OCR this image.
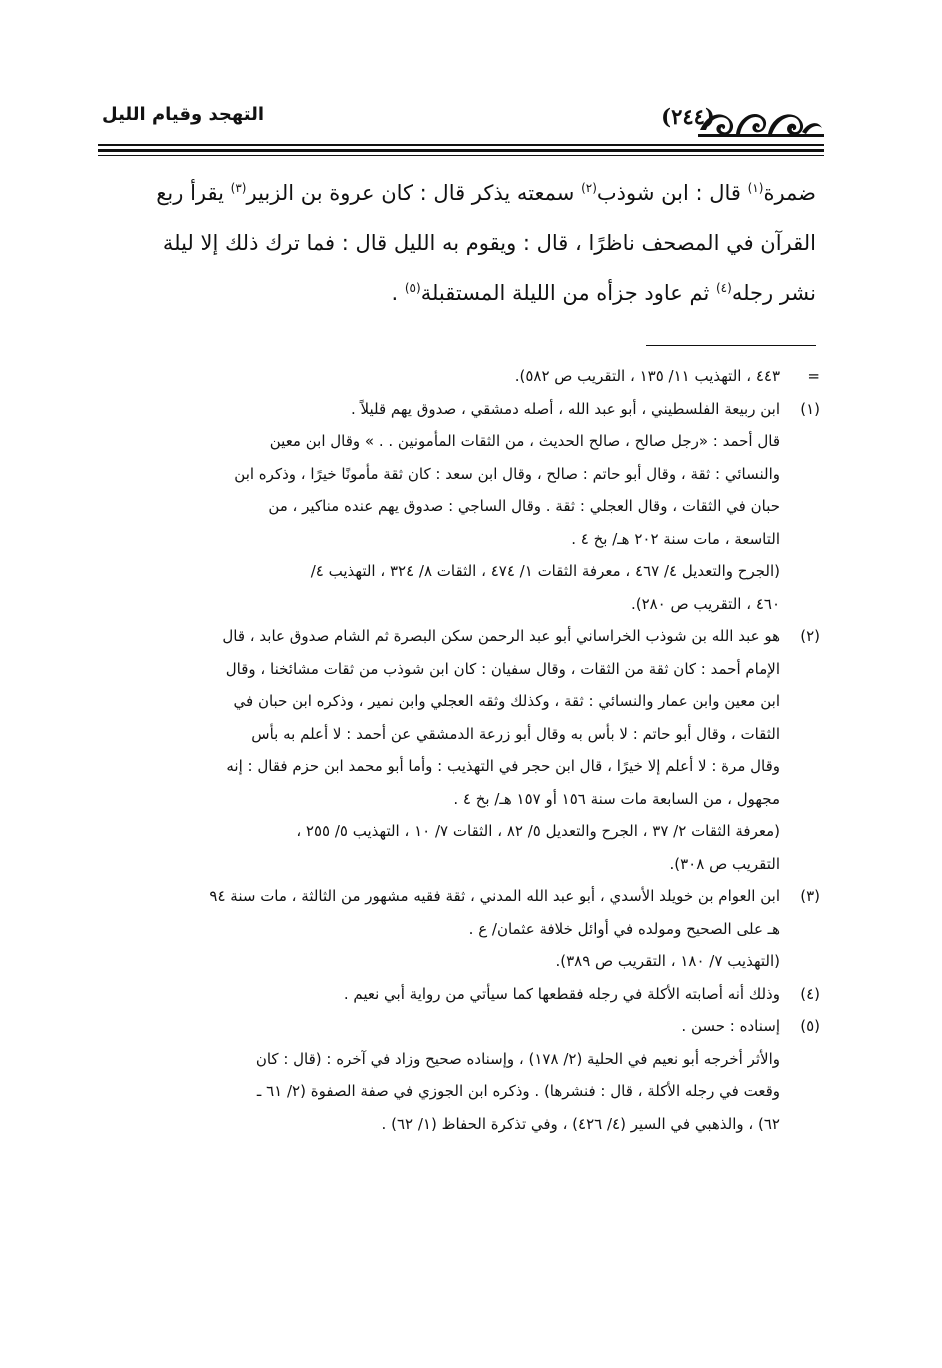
(٢٤٤)
التهجد وقيام الليل
ضمرة$^{(١)}$ قال : ابن شوذب$^{(٢)}$ سمعته يذكر قال : كان عروة بن الزبير$^{(٣)}$ يقرأ ربع
القرآن في المصحف ناظرًا ، قال : ويقوم به الليل قال : فما ترك ذلك إلا ليلة
نشر رجله$^{(٤)}$ ثم عاود جزأه من الليلة المستقبلة$^{(٥)}$ .
=
٤٤٣ ، التهذيب ١١/ ١٣٥ ، التقريب ص ٥٨٢).
(١)
ابن ربيعة الفلسطيني ، أبو عبد الله ، أصله دمشقي ، صدوق يهم قليلاً .
قال أحمد : «رجل صالح ، صالح الحديث ، من الثقات المأمونين . . » وقال ابن معين
والنسائي : ثقة ، وقال أبو حاتم : صالح ، وقال ابن سعد : كان ثقة مأمونًا خيرًا ، وذكره ابن
حبان في الثقات ، وقال العجلي : ثقة . وقال الساجي : صدوق يهم عنده مناكير ، من
التاسعة ، مات سنة ٢٠٢ هـ/ بخ ٤ .
(الجرح والتعديل ٤/ ٤٦٧ ، معرفة الثقات ١/ ٤٧٤ ، الثقات ٨/ ٣٢٤ ، التهذيب ٤/
٤٦٠ ، التقريب ص ٢٨٠).
(٢)
هو عبد الله بن شوذب الخراساني أبو عبد الرحمن سكن البصرة ثم الشام صدوق عابد ، قال
الإمام أحمد : كان ثقة من الثقات ، وقال سفيان : كان ابن شوذب من ثقات مشائخنا ، وقال
ابن معين وابن عمار والنسائي : ثقة ، وكذلك وثقه العجلي وابن نمير ، وذكره ابن حبان في
الثقات ، وقال أبو حاتم : لا بأس به وقال أبو زرعة الدمشقي عن أحمد : لا أعلم به بأس
وقال مرة : لا أعلم إلا خيرًا ، قال ابن حجر في التهذيب : وأما أبو محمد ابن حزم فقال : إنه
مجهول ، من السابعة مات سنة ١٥٦ أو ١٥٧ هـ/ بخ ٤ .
(معرفة الثقات ٢/ ٣٧ ، الجرح والتعديل ٥/ ٨٢ ، الثقات ٧/ ١٠ ، التهذيب ٥/ ٢٥٥ ،
التقريب ص ٣٠٨).
(٣)
ابن العوام بن خويلد الأسدي ، أبو عبد الله المدني ، ثقة فقيه مشهور من الثالثة ، مات سنة ٩٤
هـ على الصحيح ومولده في أوائل خلافة عثمان/ ع .
(التهذيب ٧/ ١٨٠ ، التقريب ص ٣٨٩).
(٤)
وذلك أنه أصابته الأكلة في رجله فقطعها كما سيأتي من رواية أبي نعيم .
(٥)
إسناده : حسن .
والأثر أخرجه أبو نعيم في الحلية (٢/ ١٧٨) ، وإسناده صحيح وزاد في آخره : (قال : كان
وقعت في رجله الأكلة ، قال : فنشرها) . وذكره ابن الجوزي في صفة الصفوة (٢/ ٦١ ـ
٦٢) ، والذهبي في السير (٤/ ٤٢٦) ، وفي تذكرة الحفاظ (١/ ٦٢) .
